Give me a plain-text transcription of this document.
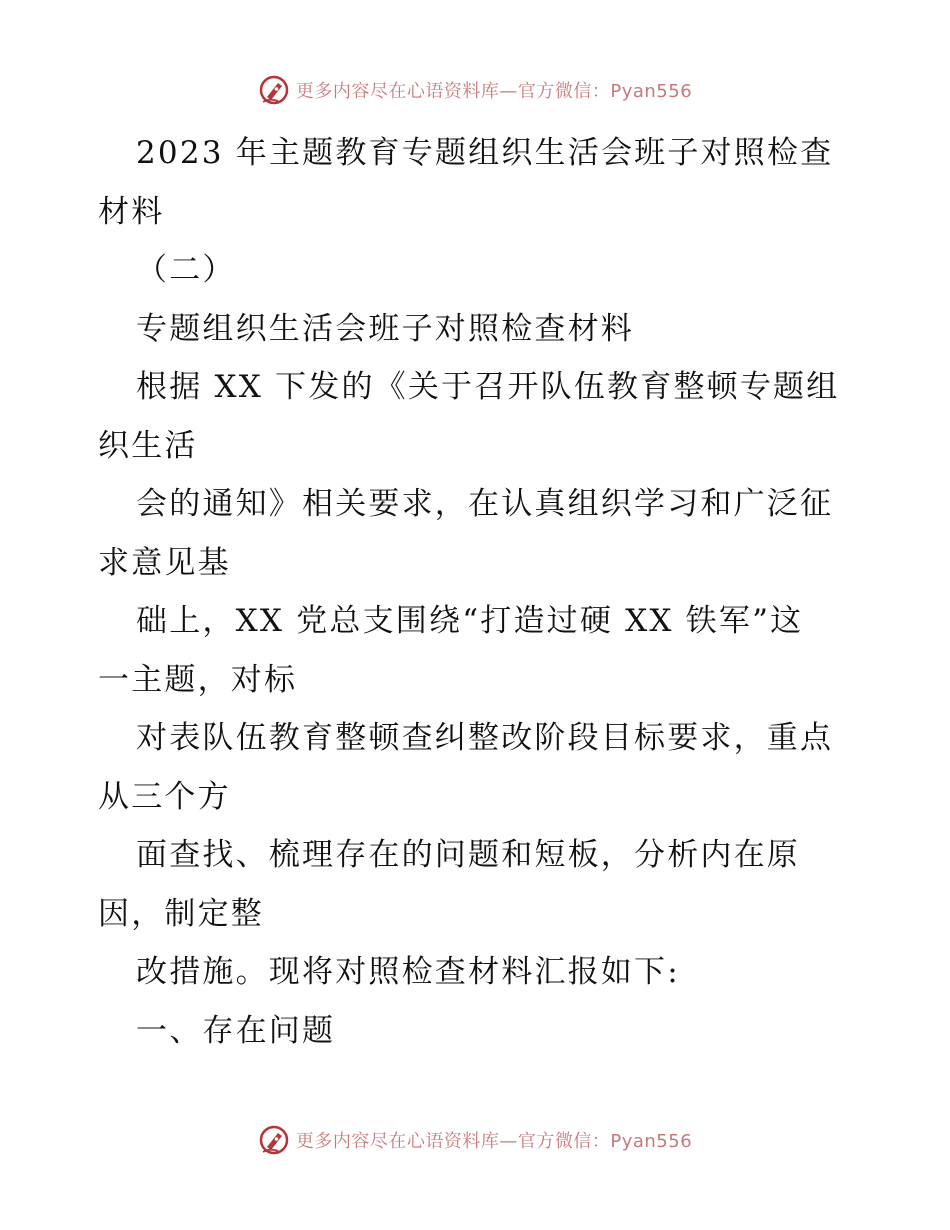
更多内容尽在心语资料库—官方微信：Pyan556
2023 年主题教育专题组织生活会班子对照检查
材料
（二）
专题组织生活会班子对照检查材料
根据 XX 下发的《关于召开队伍教育整顿专题组
织生活
会的通知》相关要求，在认真组织学习和广泛征
求意见基
础上，XX 党总支围绕“打造过硬 XX 铁军”这
一主题，对标
对表队伍教育整顿查纠整改阶段目标要求，重点
从三个方
面查找、梳理存在的问题和短板，分析内在原
因，制定整
改措施。现将对照检查材料汇报如下:
一、存在问题
更多内容尽在心语资料库—官方微信：Pyan556
